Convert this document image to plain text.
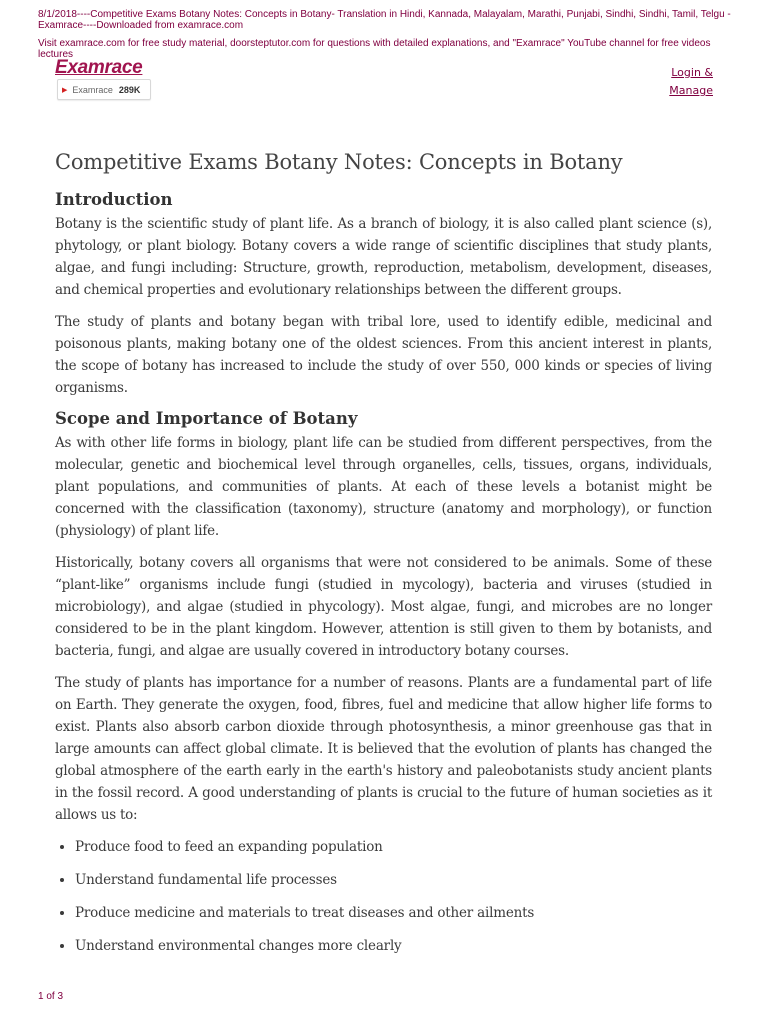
8/1/2018----Competitive Exams Botany Notes: Concepts in Botany- Translation in Hindi, Kannada, Malayalam, Marathi, Punjabi, Sindhi, Sindhi, Tamil, Telgu - Examrace----Downloaded from examrace.com
Visit examrace.com for free study material, doorsteptutor.com for questions with detailed explanations, and "Examrace" YouTube channel for free videos lectures
Examrace
▶ Examrace 289K
Login & Manage
Competitive Exams Botany Notes: Concepts in Botany
Introduction

Botany is the scientific study of plant life. As a branch of biology, it is also called plant science (s), phytology, or plant biology. Botany covers a wide range of scientific disciplines that study plants, algae, and fungi including: Structure, growth, reproduction, metabolism, development, diseases, and chemical properties and evolutionary relationships between the different groups.

The study of plants and botany began with tribal lore, used to identify edible, medicinal and poisonous plants, making botany one of the oldest sciences. From this ancient interest in plants, the scope of botany has increased to include the study of over 550, 000 kinds or species of living organisms.

Scope and Importance of Botany

As with other life forms in biology, plant life can be studied from different perspectives, from the molecular, genetic and biochemical level through organelles, cells, tissues, organs, individuals, plant populations, and communities of plants. At each of these levels a botanist might be concerned with the classification (taxonomy), structure (anatomy and morphology), or function (physiology) of plant life.

Historically, botany covers all organisms that were not considered to be animals. Some of these “plant-like” organisms include fungi (studied in mycology), bacteria and viruses (studied in microbiology), and algae (studied in phycology). Most algae, fungi, and microbes are no longer considered to be in the plant kingdom. However, attention is still given to them by botanists, and bacteria, fungi, and algae are usually covered in introductory botany courses.

The study of plants has importance for a number of reasons. Plants are a fundamental part of life on Earth. They generate the oxygen, food, fibres, fuel and medicine that allow higher life forms to exist. Plants also absorb carbon dioxide through photosynthesis, a minor greenhouse gas that in large amounts can affect global climate. It is believed that the evolution of plants has changed the global atmosphere of the earth early in the earth's history and paleobotanists study ancient plants in the fossil record. A good understanding of plants is crucial to the future of human societies as it allows us to:

• Produce food to feed an expanding population
• Understand fundamental life processes
• Produce medicine and materials to treat diseases and other ailments
• Understand environmental changes more clearly
1 of 3
